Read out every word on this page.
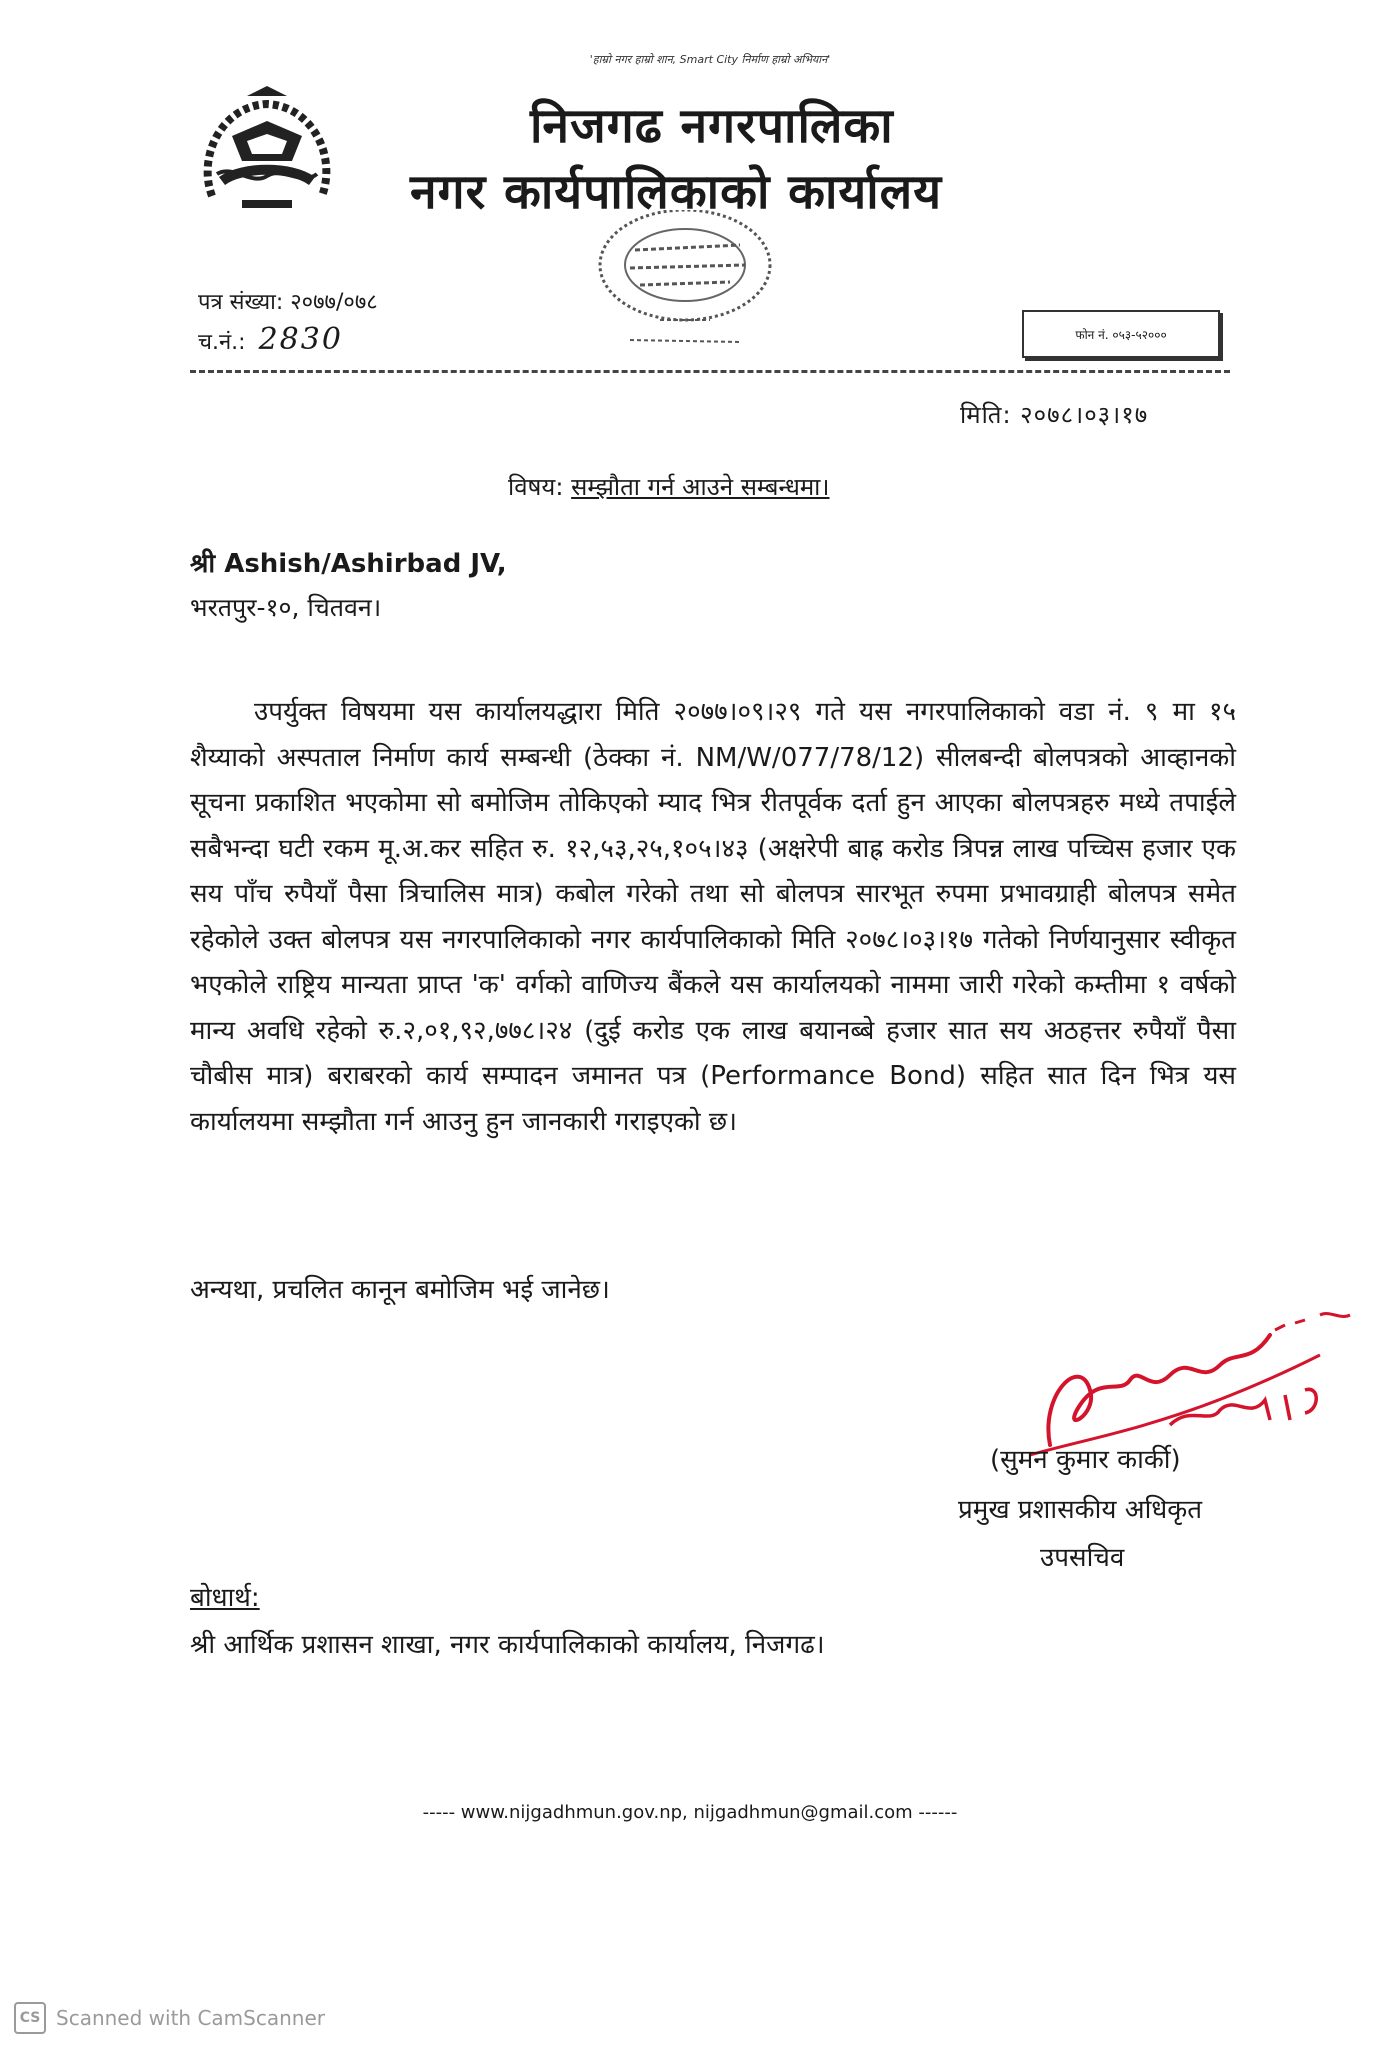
'हाम्रो नगर हाम्रो शान, Smart City निर्माण हाम्रो अभियान'
निजगढ नगरपालिका
नगर कार्यपालिकाको कार्यालय
पत्र संख्या: २०७७/०७८
च.नं.: 2830	फोन नं. ०५३-५२०००
मिति: २०७८।०३।१७
विषय: सम्झौता गर्न आउने सम्बन्धमा।
श्री Ashish/Ashirbad JV,
भरतपुर-१०, चितवन।
उपर्युक्त विषयमा यस कार्यालयद्धारा मिति २०७७।०९।२९ गते यस नगरपालिकाको वडा नं. ९ मा १५ शैय्याको अस्पताल निर्माण कार्य सम्बन्धी (ठेक्का नं. NM/W/077/78/12) सीलबन्दी बोलपत्रको आव्हानको सूचना प्रकाशित भएकोमा सो बमोजिम तोकिएको म्याद भित्र रीतपूर्वक दर्ता हुन आएका बोलपत्रहरु मध्ये तपाईले सबैभन्दा घटी रकम मू.अ.कर सहित रु. १२,५३,२५,१०५।४३ (अक्षरेपी बाह्र करोड त्रिपन्न लाख पच्चिस हजार एक सय पाँच रुपैयाँ पैसा त्रिचालिस मात्र) कबोल गरेको तथा सो बोलपत्र सारभूत रुपमा प्रभावग्राही बोलपत्र समेत रहेकोले उक्त बोलपत्र यस नगरपालिकाको नगर कार्यपालिकाको मिति २०७८।०३।१७ गतेको निर्णयानुसार स्वीकृत भएकोले राष्ट्रिय मान्यता प्राप्त 'क' वर्गको वाणिज्य बैंकले यस कार्यालयको नाममा जारी गरेको कम्तीमा १ वर्षको मान्य अवधि रहेको रु.२,०१,९२,७७८।२४ (दुई करोड एक लाख बयानब्बे हजार सात सय अठहत्तर रुपैयाँ पैसा चौबीस मात्र) बराबरको कार्य सम्पादन जमानत पत्र (Performance Bond) सहित सात दिन भित्र यस कार्यालयमा सम्झौता गर्न आउनु हुन जानकारी गराइएको छ।
अन्यथा, प्रचलित कानून बमोजिम भई जानेछ।
(सुमन कुमार कार्की)
प्रमुख प्रशासकीय अधिकृत
उपसचिव
बोधार्थ:
श्री आर्थिक प्रशासन शाखा, नगर कार्यपालिकाको कार्यालय, निजगढ।
----- www.nijgadhmun.gov.np, nijgadhmun@gmail.com ------
CS Scanned with CamScanner
